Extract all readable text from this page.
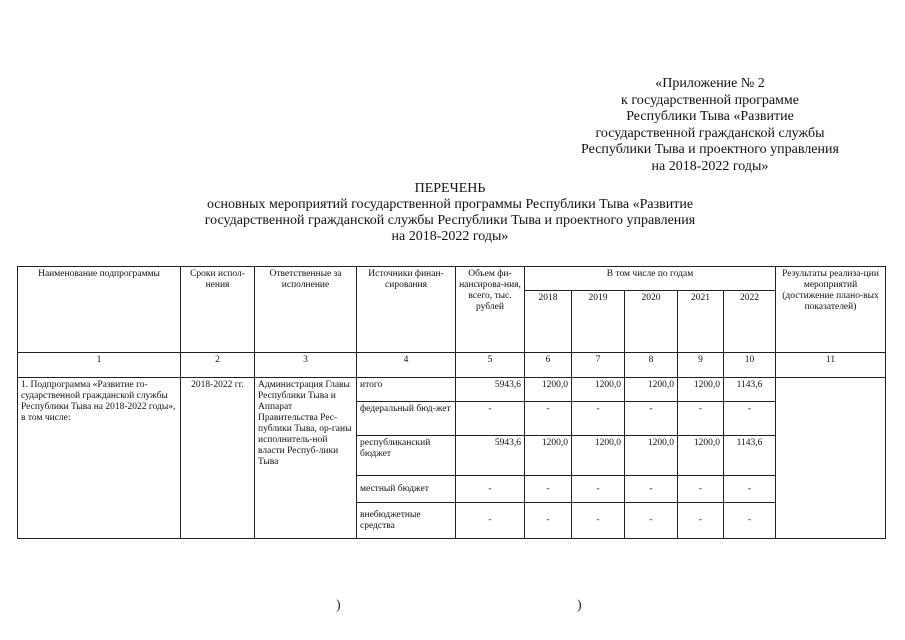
«Приложение № 2
к государственной программе
Республики Тыва «Развитие
государственной гражданской службы
Республики Тыва и проектного управления
на 2018-2022 годы»
ПЕРЕЧЕНЬ
основных мероприятий государственной программы Республики Тыва «Развитие
государственной гражданской службы Республики Тыва и проектного управления
на 2018-2022 годы»
Наименование подпрограммы	Сроки испол-нения	Ответственные за исполнение	Источники финан-сирования	Объем фи-нансирова-ния, всего, тыс. рублей	В том числе по годам					Результаты реализа-ции мероприятий (достижение плано-вых показателей)
					2018	2019	2020	2021	2022	
1	2	3	4	5	6	7	8	9	10	11
1. Подпрограмма «Развитие го-сударственной гражданской службы Республики Тыва на 2018-2022 годы», в том числе:	2018-2022 гг.	Администрация Главы Республики Тыва и Аппарат Правительства Рес-публики Тыва, ор-ганы исполнитель-ной власти Респуб-лики Тыва	итого	5943,6	1200,0	1200,0	1200,0	1200,0	1143,6	
			федеральный бюд-жет	-	-	-	-	-	-	
			республиканский бюджет	5943,6	1200,0	1200,0	1200,0	1200,0	1143,6	
			местный бюджет	-	-	-	-	-	-	
			внебюджетные средства	-	-	-	-	-	-	
)	)
